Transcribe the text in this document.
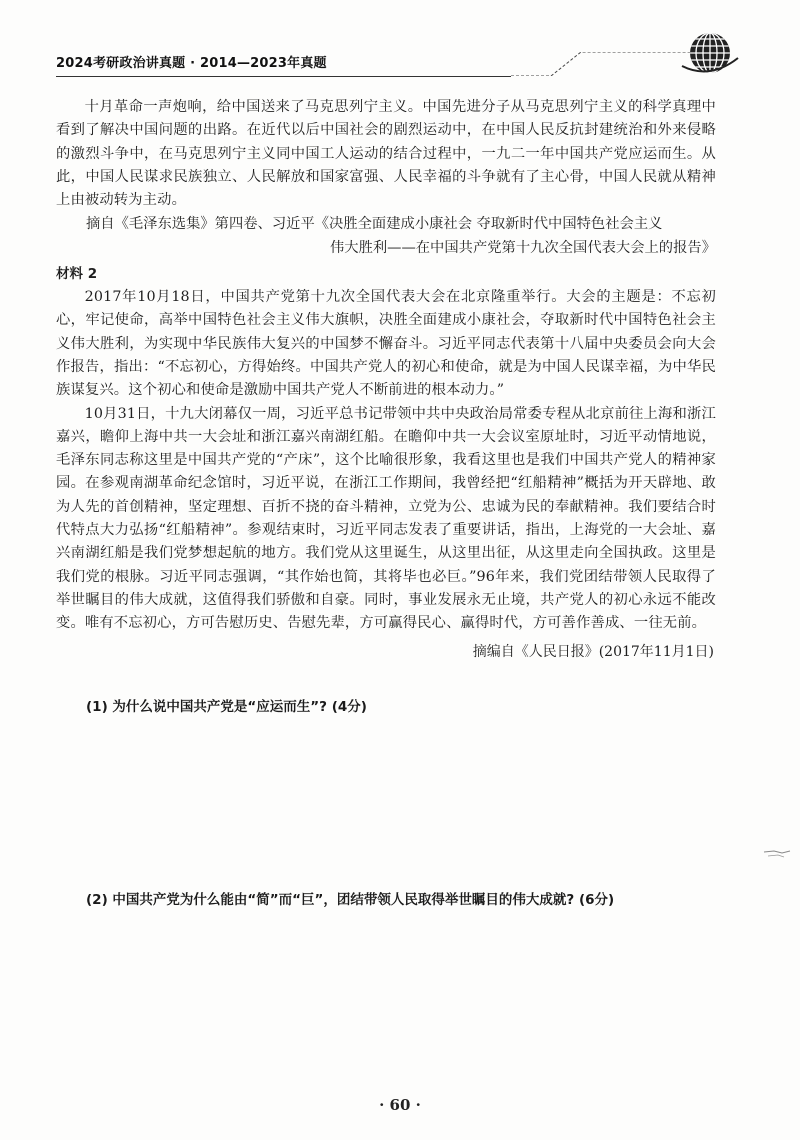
2024考研政治讲真题 · 2014—2023年真题

十月革命一声炮响，给中国送来了马克思列宁主义。中国先进分子从马克思列宁主义的科学真理中看到了解决中国问题的出路。在近代以后中国社会的剧烈运动中，在中国人民反抗封建统治和外来侵略的激烈斗争中，在马克思列宁主义同中国工人运动的结合过程中，一九二一年中国共产党应运而生。从此，中国人民谋求民族独立、人民解放和国家富强、人民幸福的斗争就有了主心骨，中国人民就从精神上由被动转为主动。

摘自《毛泽东选集》第四卷、习近平《决胜全面建成小康社会 夺取新时代中国特色社会主义

伟大胜利——在中国共产党第十九次全国代表大会上的报告》

材料 2

2017年10月18日，中国共产党第十九次全国代表大会在北京隆重举行。大会的主题是：不忘初心，牢记使命，高举中国特色社会主义伟大旗帜，决胜全面建成小康社会，夺取新时代中国特色社会主义伟大胜利，为实现中华民族伟大复兴的中国梦不懈奋斗。习近平同志代表第十八届中央委员会向大会作报告，指出：“不忘初心，方得始终。中国共产党人的初心和使命，就是为中国人民谋幸福，为中华民族谋复兴。这个初心和使命是激励中国共产党人不断前进的根本动力。”

10月31日，十九大闭幕仅一周，习近平总书记带领中共中央政治局常委专程从北京前往上海和浙江嘉兴，瞻仰上海中共一大会址和浙江嘉兴南湖红船。在瞻仰中共一大会议室原址时，习近平动情地说，毛泽东同志称这里是中国共产党的“产床”，这个比喻很形象，我看这里也是我们中国共产党人的精神家园。在参观南湖革命纪念馆时，习近平说，在浙江工作期间，我曾经把“红船精神”概括为开天辟地、敢为人先的首创精神，坚定理想、百折不挠的奋斗精神，立党为公、忠诚为民的奉献精神。我们要结合时代特点大力弘扬“红船精神”。参观结束时，习近平同志发表了重要讲话，指出，上海党的一大会址、嘉兴南湖红船是我们党梦想起航的地方。我们党从这里诞生，从这里出征，从这里走向全国执政。这里是我们党的根脉。习近平同志强调，“其作始也简，其将毕也必巨。”96年来，我们党团结带领人民取得了举世瞩目的伟大成就，这值得我们骄傲和自豪。同时，事业发展永无止境，共产党人的初心永远不能改变。唯有不忘初心，方可告慰历史、告慰先辈，方可赢得民心、赢得时代，方可善作善成、一往无前。

摘编自《人民日报》(2017年11月1日)

(1) 为什么说中国共产党是“应运而生”? (4分)
(2) 中国共产党为什么能由“简”而“巨”，团结带领人民取得举世瞩目的伟大成就? (6分)
· 60 ·
